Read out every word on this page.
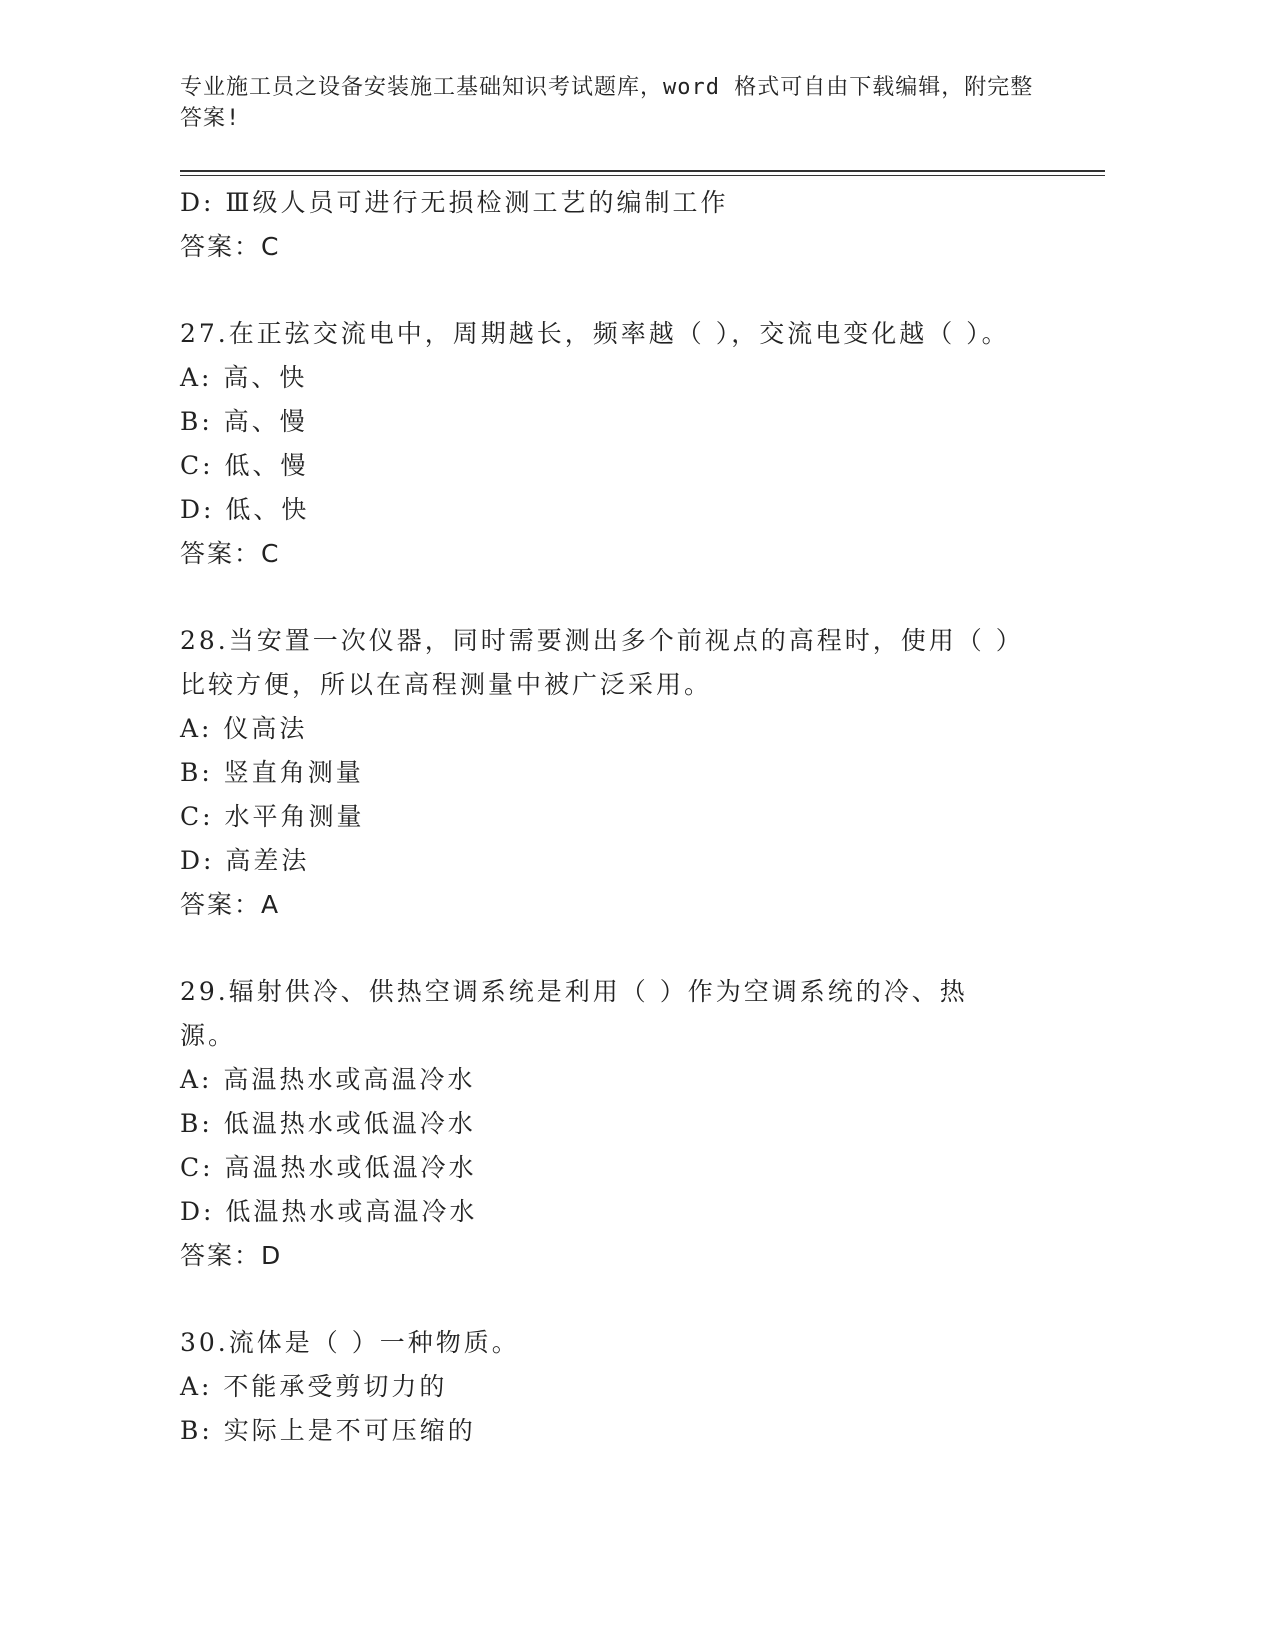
专业施工员之设备安装施工基础知识考试题库，word 格式可自由下载编辑，附完整答案!
D: Ⅲ级人员可进行无损检测工艺的编制工作
答案：C
27.在正弦交流电中，周期越长，频率越（ ），交流电变化越（ ）。
A: 高、快
B: 高、慢
C: 低、慢
D: 低、快
答案：C
28.当安置一次仪器，同时需要测出多个前视点的高程时，使用（ ）比较方便，所以在高程测量中被广泛采用。
A: 仪高法
B: 竖直角测量
C: 水平角测量
D: 高差法
答案：A
29.辐射供冷、供热空调系统是利用（ ）作为空调系统的冷、热源。
A: 高温热水或高温冷水
B: 低温热水或低温冷水
C: 高温热水或低温冷水
D: 低温热水或高温冷水
答案：D
30.流体是（ ）一种物质。
A: 不能承受剪切力的
B: 实际上是不可压缩的
